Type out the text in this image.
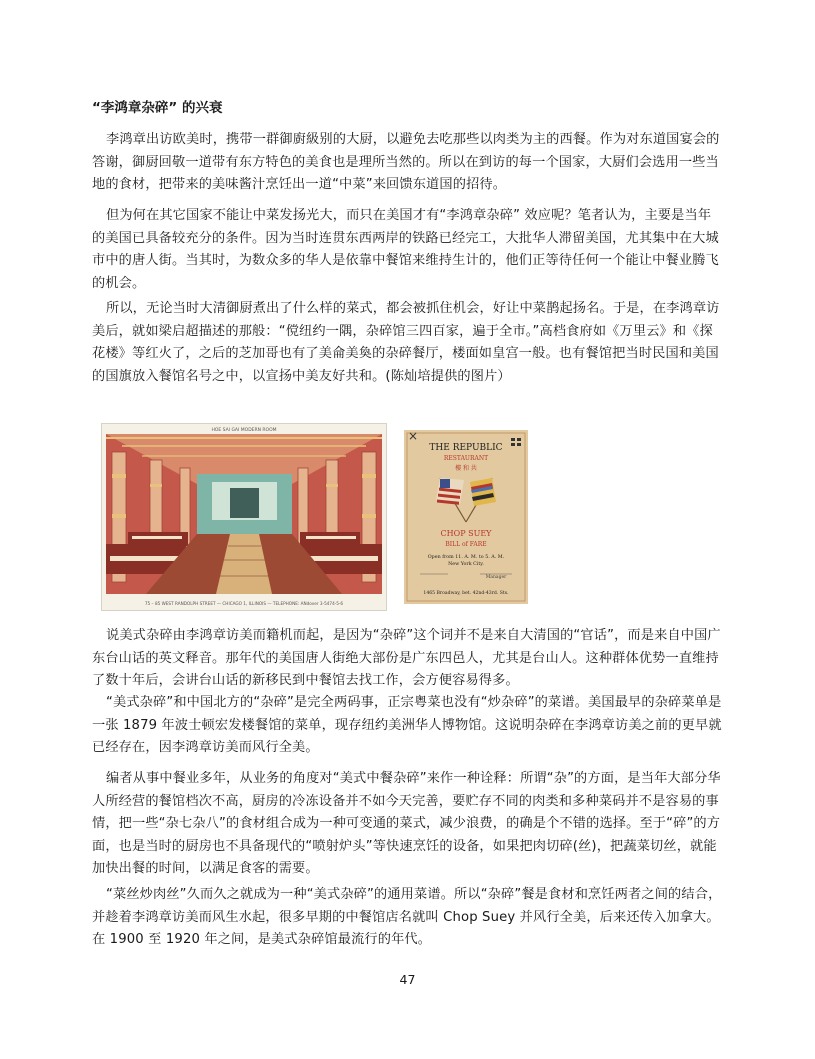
“李鸿章杂碎” 的兴衰

李鸿章出访欧美时，携带一群御廚級别的大厨，以避免去吃那些以肉类为主的西餐。作为对东道国宴会的答谢，御厨回敬一道带有东方特色的美食也是理所当然的。所以在到访的每一个国家，大厨们会选用一些当地的食材，把带来的美味酱汁烹饪出一道“中菜”来回馈东道国的招待。

但为何在其它国家不能让中菜发扬光大，而只在美国才有“李鸿章杂碎” 效应呢？笔者认为，主要是当年的美国已具备较充分的条件。因为当时连贯东西两岸的铁路已经完工，大批华人滞留美国，尤其集中在大城市中的唐人街。当其时，为数众多的华人是依靠中餐馆来维持生计的，他们正等待任何一个能让中餐业腾飞的机会。

所以，无论当时大清御厨煮出了什么样的菜式，都会被抓住机会，好让中菜鹊起扬名。于是，在李鸿章访美后，就如梁启超描述的那般：“傥纽约一隅，杂碎馆三四百家，遍于全市。”高档食府如《万里云》和《探花楼》等红火了，之后的芝加哥也有了美侖美奐的杂碎餐厅，楼面如皇宫一般。也有餐馆把当时民国和美国的国旗放入餐馆名号之中，以宣扬中美友好共和。(陈灿培提供的图片）

HOE SAI GAI MODERN ROOM
75 – 85 WEST RANDOLPH STREET — CHICAGO 1, ILLINOIS — TELEPHONE: ANdover 3-5474-5-6
THE REPUBLIC
RESTAURANT
樓 和 共
CHOP SUEY
BILL of FARE
Open from 11. A. M. to 5. A. M.
New York City.
Manager
1465 Broadway, bet. 42nd-43rd. Sts.
×

说美式杂碎由李鸿章访美而籍机而起，是因为“杂碎”这个词并不是来自大清国的“官话”，而是来自中国广东台山话的英文释音。那年代的美国唐人街绝大部份是广东四邑人，尤其是台山人。这种群体优势一直维持了数十年后，会讲台山话的新移民到中餐馆去找工作，会方便容易得多。

“美式杂碎”和中国北方的“杂碎”是完全两码事，正宗粤菜也没有“炒杂碎”的菜谱。美国最早的杂碎菜单是一张 1879 年波士顿宏发楼餐馆的菜单，现存纽约美洲华人博物馆。这说明杂碎在李鸿章访美之前的更早就已经存在，因李鸿章访美而风行全美。

编者从事中餐业多年，从业务的角度对“美式中餐杂碎”来作一种诠释：所谓“杂”的方面，是当年大部分华人所经营的餐馆档次不高，厨房的冷冻设备并不如今天完善，要贮存不同的肉类和多种菜码并不是容易的事情，把一些“杂七杂八”的食材组合成为一种可变通的菜式，减少浪费，的确是个不错的选择。至于“碎”的方面，也是当时的厨房也不具备现代的“喷射炉头”等快速烹饪的设备，如果把肉切碎(丝)，把蔬菜切丝，就能加快出餐的时间，以满足食客的需要。

“菜丝炒肉丝”久而久之就成为一种“美式杂碎”的通用菜谱。所以“杂碎”餐是食材和烹饪两者之间的结合，并趁着李鸿章访美而风生水起，很多早期的中餐馆店名就叫 Chop Suey 并风行全美，后来还传入加拿大。在 1900 至 1920 年之间，是美式杂碎馆最流行的年代。

47
